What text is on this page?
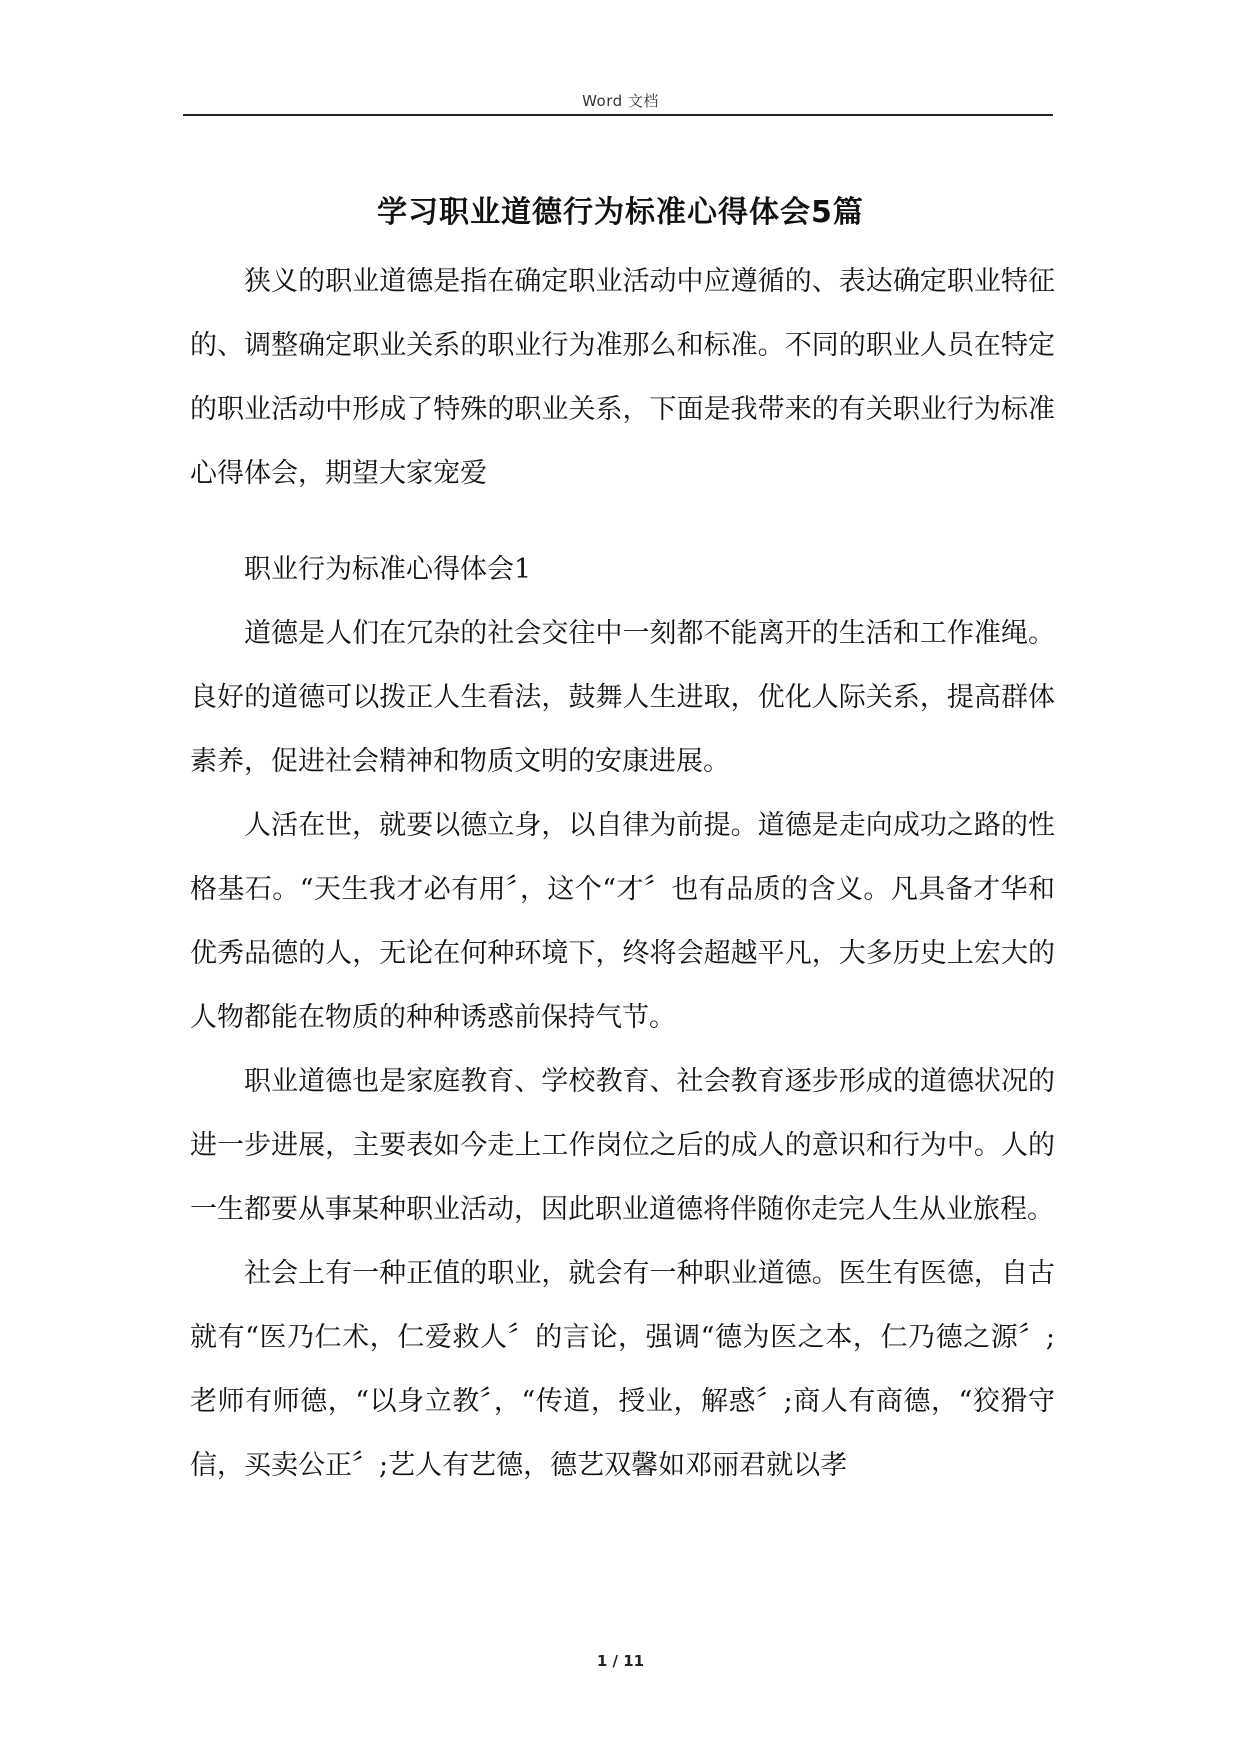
Word 文档
学习职业道德行为标准心得体会5篇

狭义的职业道德是指在确定职业活动中应遵循的、表达确定职业特征的、调整确定职业关系的职业行为准那么和标准。不同的职业人员在特定的职业活动中形成了特殊的职业关系，下面是我带来的有关职业行为标准心得体会，期望大家宠爱

职业行为标准心得体会1

道德是人们在冗杂的社会交往中一刻都不能离开的生活和工作准绳。良好的道德可以拨正人生看法，鼓舞人生进取，优化人际关系，提高群体素养，促进社会精神和物质文明的安康进展。

人活在世，就要以德立身，以自律为前提。道德是走向成功之路的性格基石。“天生我才必有用〞，这个“才〞也有品质的含义。凡具备才华和优秀品德的人，无论在何种环境下，终将会超越平凡，大多历史上宏大的人物都能在物质的种种诱惑前保持气节。

职业道德也是家庭教育、学校教育、社会教育逐步形成的道德状况的进一步进展，主要表如今走上工作岗位之后的成人的意识和行为中。人的一生都要从事某种职业活动，因此职业道德将伴随你走完人生从业旅程。

社会上有一种正值的职业，就会有一种职业道德。医生有医德，自古就有“医乃仁术，仁爱救人〞的言论，强调“德为医之本，仁乃德之源〞;老师有师德，“以身立教〞，“传道，授业，解惑〞;商人有商德，“狡猾守信，买卖公正〞;艺人有艺德，德艺双馨如邓丽君就以孝

1 / 11
